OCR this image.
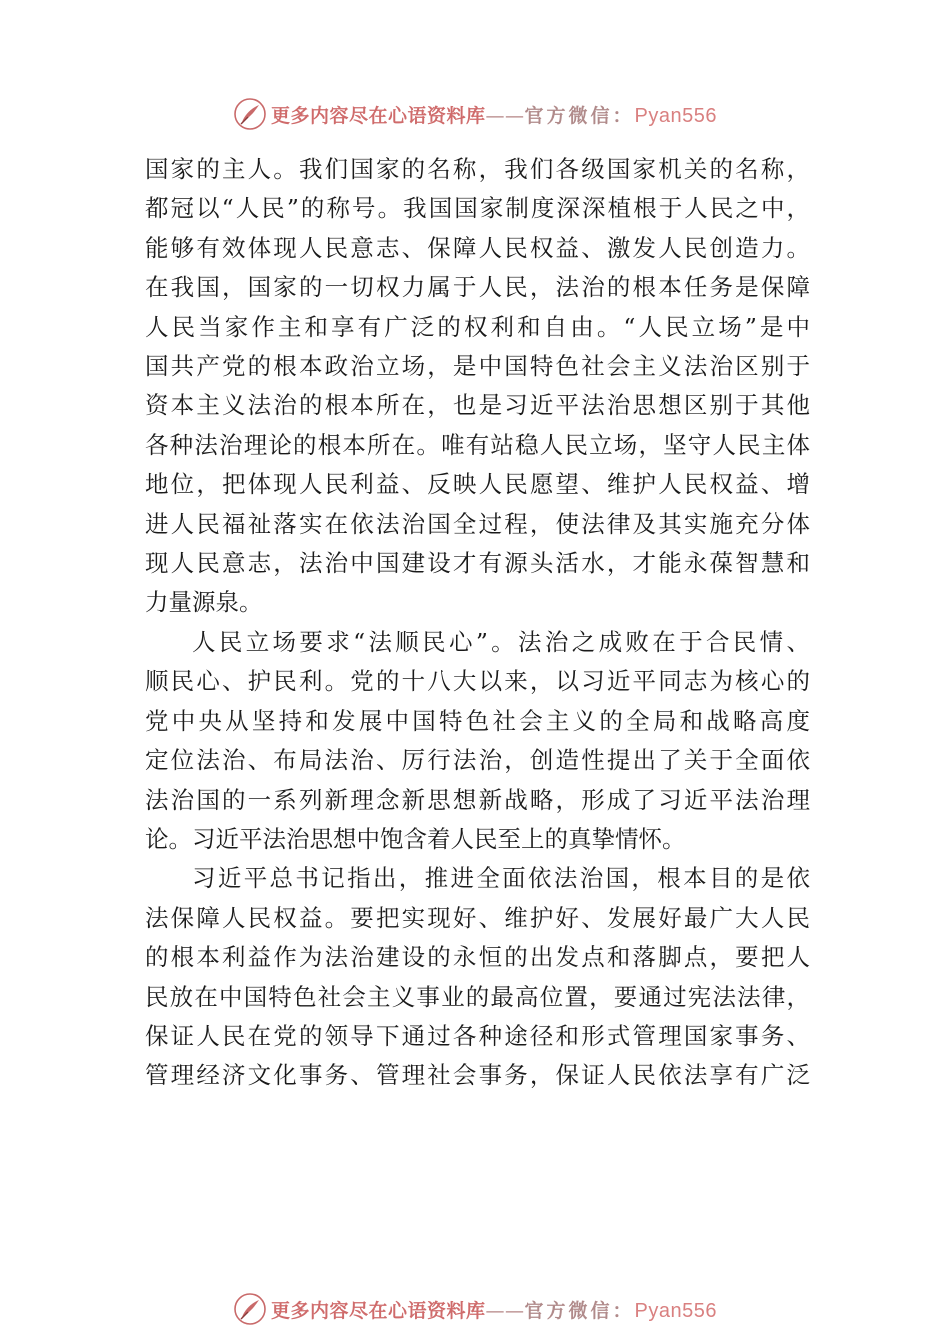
更多内容尽在心语资料库——官方微信：Pyan556
国家的主人。我们国家的名称，我们各级国家机关的名称，
都冠以“人民”的称号。我国国家制度深深植根于人民之中，
能够有效体现人民意志、保障人民权益、激发人民创造力。
在我国，国家的一切权力属于人民，法治的根本任务是保障
人民当家作主和享有广泛的权利和自由。“人民立场”是中
国共产党的根本政治立场，是中国特色社会主义法治区别于
资本主义法治的根本所在，也是习近平法治思想区别于其他
各种法治理论的根本所在。唯有站稳人民立场，坚守人民主体
地位，把体现人民利益、反映人民愿望、维护人民权益、增
进人民福祉落实在依法治国全过程，使法律及其实施充分体
现人民意志，法治中国建设才有源头活水，才能永葆智慧和
力量源泉。
人民立场要求“法顺民心”。法治之成败在于合民情、
顺民心、护民利。党的十八大以来，以习近平同志为核心的
党中央从坚持和发展中国特色社会主义的全局和战略高度
定位法治、布局法治、厉行法治，创造性提出了关于全面依
法治国的一系列新理念新思想新战略，形成了习近平法治理
论。习近平法治思想中饱含着人民至上的真挚情怀。
习近平总书记指出，推进全面依法治国，根本目的是依
法保障人民权益。要把实现好、维护好、发展好最广大人民
的根本利益作为法治建设的永恒的出发点和落脚点，要把人
民放在中国特色社会主义事业的最高位置，要通过宪法法律，
保证人民在党的领导下通过各种途径和形式管理国家事务、
管理经济文化事务、管理社会事务，保证人民依法享有广泛
更多内容尽在心语资料库——官方微信：Pyan556
